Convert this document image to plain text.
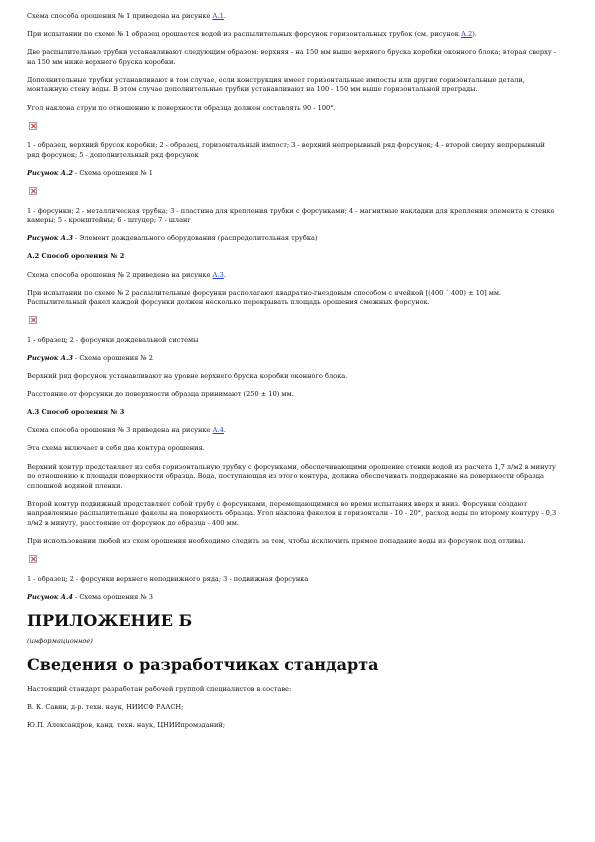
Схема способа орошения № 1 приведена на рисунке А.1.

При испытании по схеме № 1 образец орошается водой из распылительных форсунок горизонтальных трубок (см. рисунок А.2).

Две распылительные трубки устанавливают следующим образом: верхняя - на 150 мм выше верхнего бруска коробки оконного блока; вторая сверху - на 150 мм ниже верхнего бруска коробки.

Дополнительные трубки устанавливают в том случае, если конструкция имеет горизонтальные импосты или другие горизонтальные детали, монтажную стену воды. В этом случае дополнительные трубки устанавливают на 100 - 150 мм выше горизонтальной преграды.

Угол наклона струи по отношению к поверхности образца должен составлять 90 - 100°.

1 - образец, верхний брусок коробки; 2 - образец, горизонтальный импост; 3 - верхний непрерывный ряд форсунок; 4 - второй сверху непрерывный ряд форсунок; 5 - дополнительный ряд форсунок

Рисунок А.2 - Схема орошения № 1

1 - форсунки; 2 - металлическая трубка; 3 - пластина для крепления трубки с форсунками; 4 - магнитные накладки для крепления элемента к стенке камеры; 5 - кронштейны; 6 - штуцер; 7 - шланг

Рисунок А.3 - Элемент дождевального оборудования (распределительная трубка)

А.2 Способ ороления № 2

Схема способа орошения № 2 приведена на рисунке А.3.

При испытании по схеме № 2 распылительные форсунки располагают квадратно-гнездовым способом с ячейкой [(400 ´ 400) ± 10] мм. Распылительный факел каждой форсунки должен несколько перекрывать площадь орошения смежных форсунок.

1 - образец; 2 - форсунки дождевальной системы

Рисунок А.3 - Схема орошения № 2

Верхний ряд форсунок устанавливают на уровне верхнего бруска коробки оконного блока.

Расстояние от форсунки до поверхности образца принимают (250 ± 10) мм.

А.3 Способ ороления № 3

Схема способа орошения № 3 приведена на рисунке А.4.

Эта схема включает в себя два контура орошения.

Верхний контур представляет из себя горизонтальную трубку с форсунками, обеспечивающими орошение стенки водой из расчета 1,7 л/м2 в минуту по отношению к площади поверхности образца. Вода, поступающая из этого контура, должна обеспечивать поддержание на поверхности образца сплошной водяной пленки.

Второй контур подвижный представляет собой трубу с форсунками, перемещающимися во время испытания вверх и вниз. Форсунки создают направленные распылительные факелы на поверхность образца. Угол наклона факелов к горизонтали - 10 - 20°, расход воды по второму контуру - 0,3 л/м2 в минуту, расстояние от форсунок до образца - 400 мм.

При использовании любой из схем орошения необходимо следить за тем, чтобы исключить прямое попадание воды из форсунок под отливы.

1 - образец; 2 - форсунки верхнего неподвижного ряда; 3 - подвижная форсунка

Рисунок А.4 - Схема орошения № 3

ПРИЛОЖЕНИЕ Б

(информационное)

Сведения о разработчиках стандарта

Настоящий стандарт разработан рабочей группой специалистов в составе:

В. К. Савин, д-р. техн. наук, НИИСФ РААСН;

Ю.П. Александров, канд. техн. наук, ЦНИИпромзданий;
